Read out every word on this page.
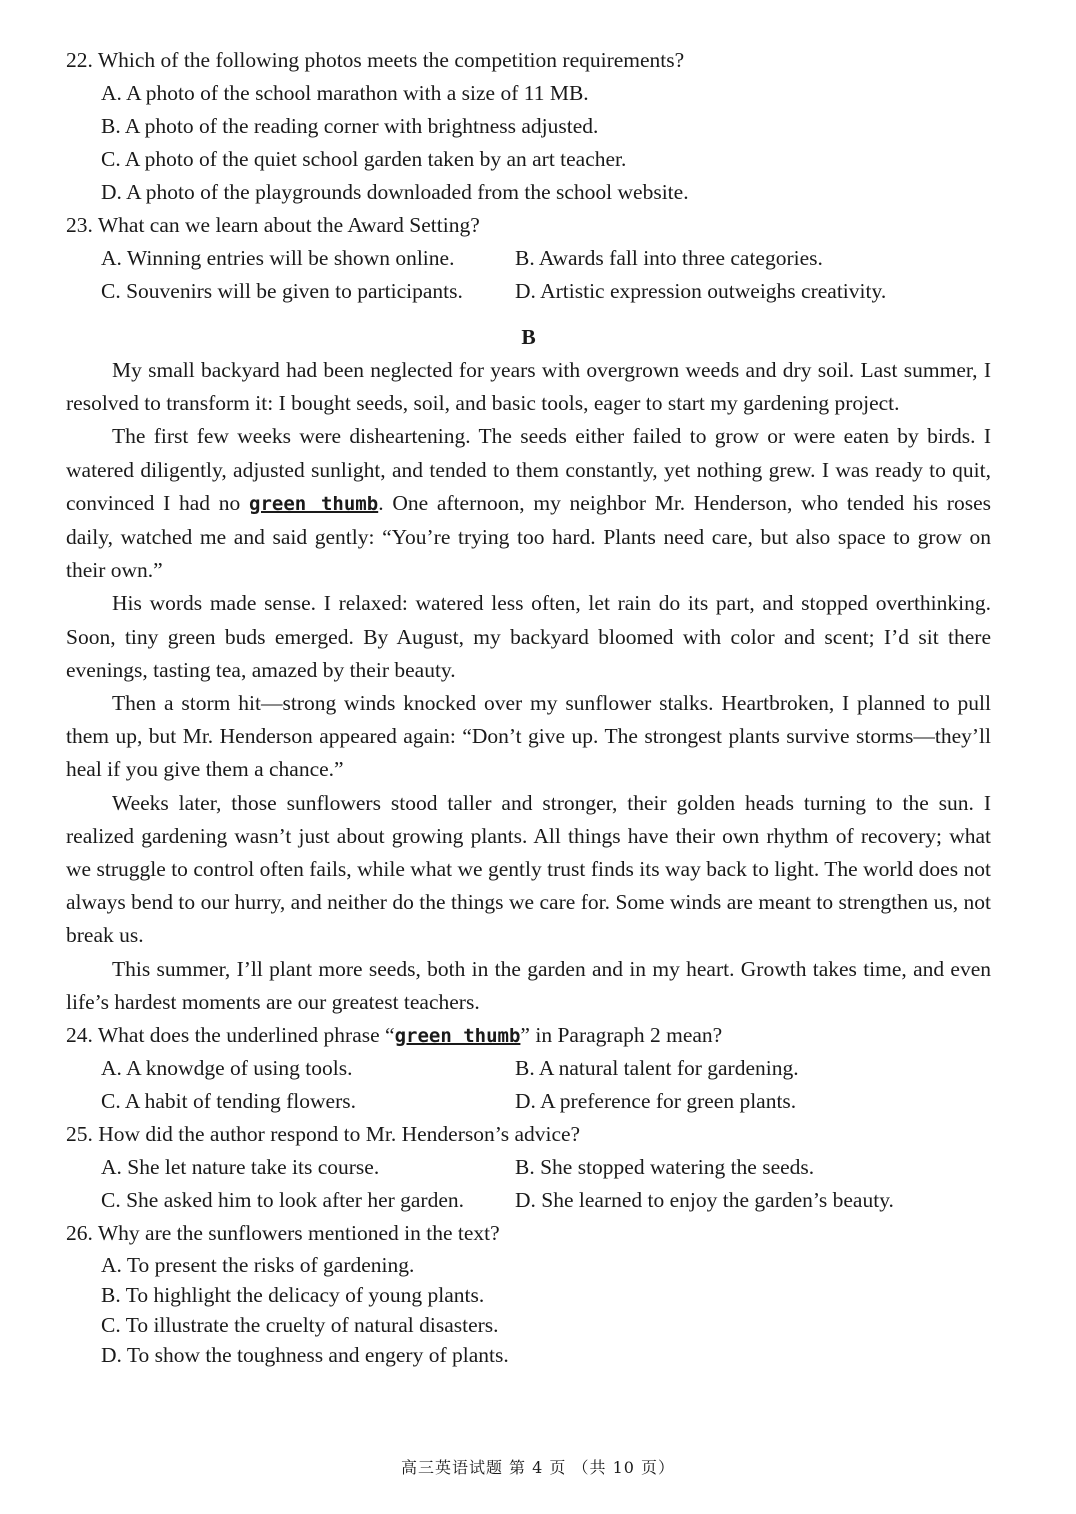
22. Which of the following photos meets the competition requirements?
A. A photo of the school marathon with a size of 11 MB.
B. A photo of the reading corner with brightness adjusted.
C. A photo of the quiet school garden taken by an art teacher.
D. A photo of the playgrounds downloaded from the school website.
23. What can we learn about the Award Setting?
A. Winning entries will be shown online.	B. Awards fall into three categories.
C. Souvenirs will be given to participants.	D. Artistic expression outweighs creativity.
B

My small backyard had been neglected for years with overgrown weeds and dry soil. Last summer, I resolved to transform it: I bought seeds, soil, and basic tools, eager to start my gardening project.

The first few weeks were disheartening. The seeds either failed to grow or were eaten by birds. I watered diligently, adjusted sunlight, and tended to them constantly, yet nothing grew. I was ready to quit, convinced I had no green thumb. One afternoon, my neighbor Mr. Henderson, who tended his roses daily, watched me and said gently: “You’re trying too hard. Plants need care, but also space to grow on their own.”

His words made sense. I relaxed: watered less often, let rain do its part, and stopped overthinking. Soon, tiny green buds emerged. By August, my backyard bloomed with color and scent; I’d sit there evenings, tasting tea, amazed by their beauty.

Then a storm hit—strong winds knocked over my sunflower stalks. Heartbroken, I planned to pull them up, but Mr. Henderson appeared again: “Don’t give up. The strongest plants survive storms—they’ll heal if you give them a chance.”

Weeks later, those sunflowers stood taller and stronger, their golden heads turning to the sun. I realized gardening wasn’t just about growing plants. All things have their own rhythm of recovery; what we struggle to control often fails, while what we gently trust finds its way back to light. The world does not always bend to our hurry, and neither do the things we care for. Some winds are meant to strengthen us, not break us.

This summer, I’ll plant more seeds, both in the garden and in my heart. Growth takes time, and even life’s hardest moments are our greatest teachers.

24. What does the underlined phrase “green thumb” in Paragraph 2 mean?
A. A knowdge of using tools.	B. A natural talent for gardening.
C. A habit of tending flowers.	D. A preference for green plants.
25. How did the author respond to Mr. Henderson’s advice?
A. She let nature take its course.	B. She stopped watering the seeds.
C. She asked him to look after her garden.	D. She learned to enjoy the garden’s beauty.
26. Why are the sunflowers mentioned in the text?
A. To present the risks of gardening.
B. To highlight the delicacy of young plants.
C. To illustrate the cruelty of natural disasters.
D. To show the toughness and engery of plants.
高三英语试题 第 4 页 （共 10 页）
